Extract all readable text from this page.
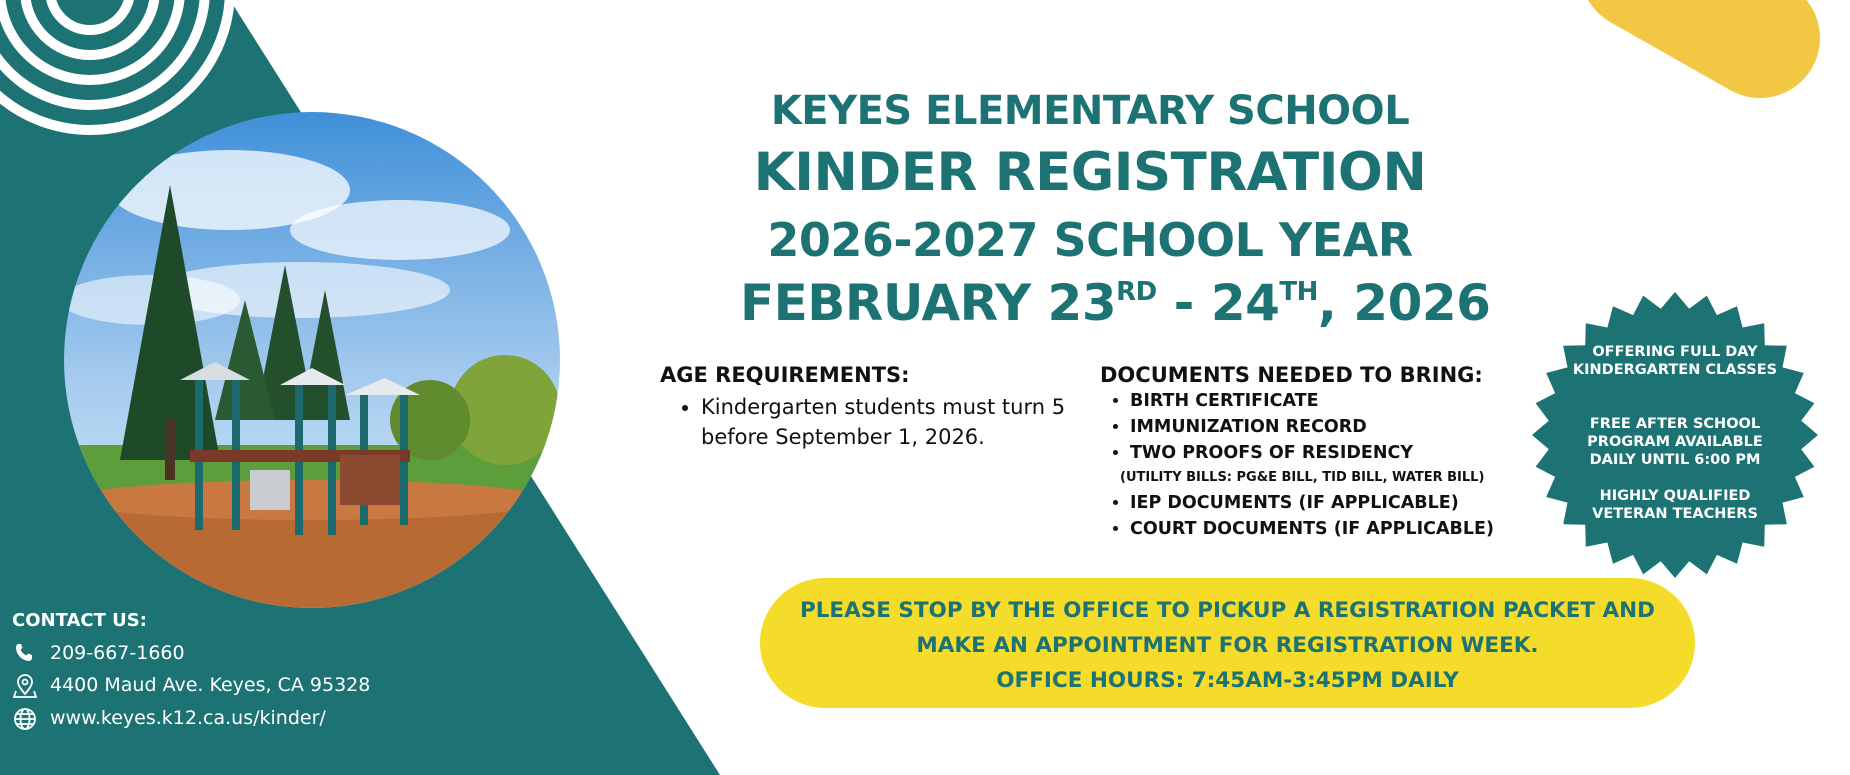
KEYES ELEMENTARY SCHOOL
KINDER REGISTRATION
2026-2027 SCHOOL YEAR
FEBRUARY 23RD - 24TH, 2026
AGE REQUIREMENTS:
• Kindergarten students must turn 5 before September 1, 2026.
DOCUMENTS NEEDED TO BRING:
• BIRTH CERTIFICATE
• IMMUNIZATION RECORD
• TWO PROOFS OF RESIDENCY
(UTILITY BILLS: PG&E BILL, TID BILL, WATER BILL)
• IEP DOCUMENTS (IF APPLICABLE)
• COURT DOCUMENTS (IF APPLICABLE)
OFFERING FULL DAY KINDERGARTEN CLASSES
FREE AFTER SCHOOL PROGRAM AVAILABLE DAILY UNTIL 6:00 PM
HIGHLY QUALIFIED VETERAN TEACHERS
PLEASE STOP BY THE OFFICE TO PICKUP A REGISTRATION PACKET AND
MAKE AN APPOINTMENT FOR REGISTRATION WEEK.
OFFICE HOURS: 7:45AM-3:45PM DAILY
CONTACT US:
209-667-1660
4400 Maud Ave. Keyes, CA 95328
www.keyes.k12.ca.us/kinder/
